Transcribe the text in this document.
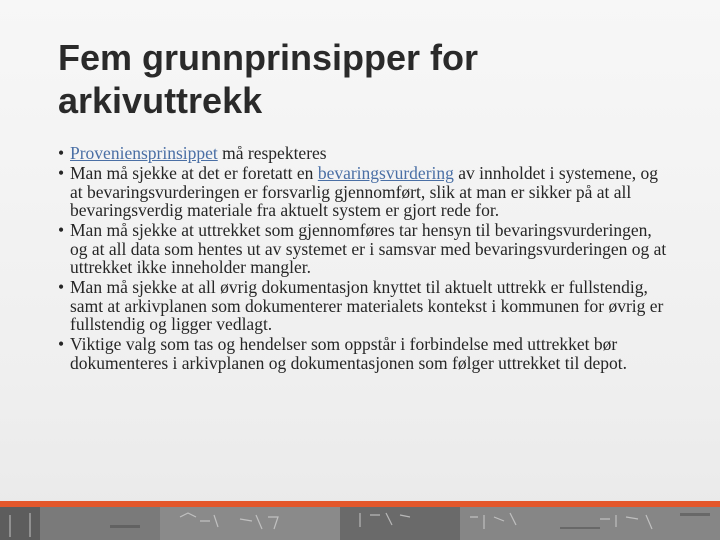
Fem grunnprinsipper for arkivuttrekk
• Proveniensprinsippet må respekteres
• Man må sjekke at det er foretatt en bevaringsvurdering av innholdet i systemene, og at bevaringsvurderingen er forsvarlig gjennomført, slik at man er sikker på at all bevaringsverdig materiale fra aktuelt system er gjort rede for.
• Man må sjekke at uttrekket som gjennomføres tar hensyn til bevaringsvurderingen, og at all data som hentes ut av systemet er i samsvar med bevaringsvurderingen og at uttrekket ikke inneholder mangler.
• Man må sjekke at all øvrig dokumentasjon knyttet til aktuelt uttrekk er fullstendig, samt at arkivplanen som dokumenterer materialets kontekst i kommunen for øvrig er fullstendig og ligger vedlagt.
• Viktige valg som tas og hendelser som oppstår i forbindelse med uttrekket bør dokumenteres i arkivplanen og dokumentasjonen som følger uttrekket til depot.
